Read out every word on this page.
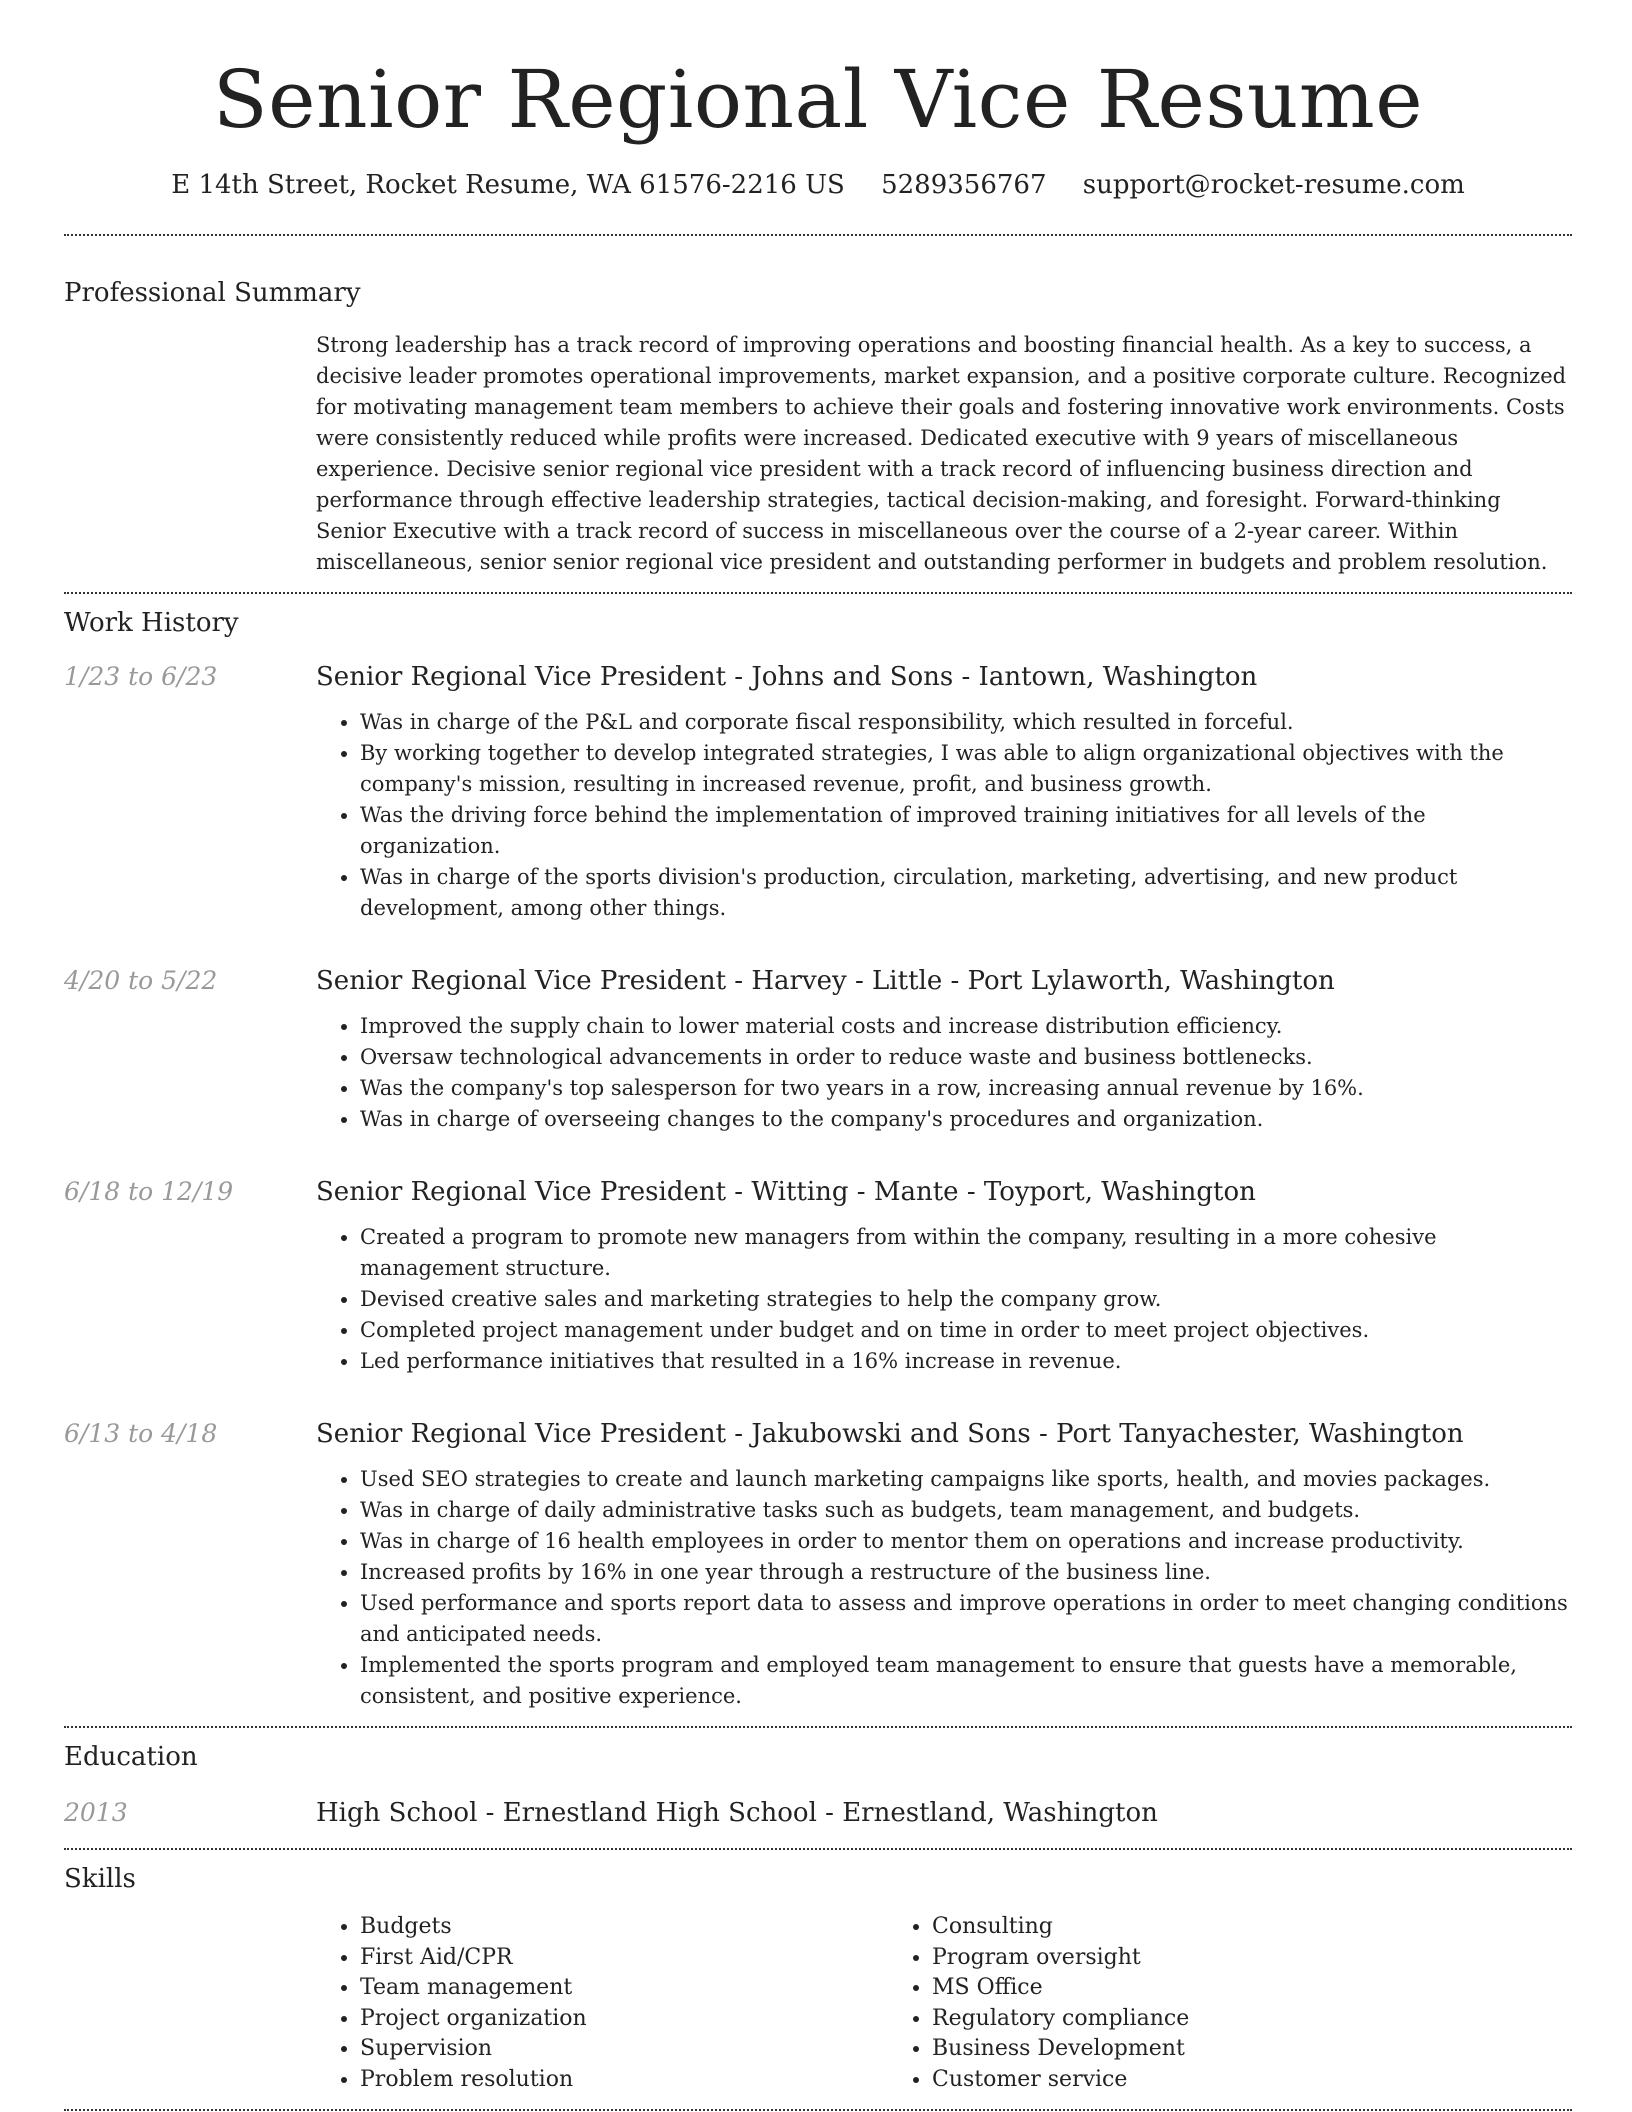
Senior Regional Vice Resume
E 14th Street, Rocket Resume, WA 61576-2216 US 5289356767 support@rocket-resume.com
Professional Summary
Strong leadership has a track record of improving operations and boosting financial health. As a key to success, a decisive leader promotes operational improvements, market expansion, and a positive corporate culture. Recognized for motivating management team members to achieve their goals and fostering innovative work environments. Costs were consistently reduced while profits were increased. Dedicated executive with 9 years of miscellaneous experience. Decisive senior regional vice president with a track record of influencing business direction and performance through effective leadership strategies, tactical decision-making, and foresight. Forward-thinking Senior Executive with a track record of success in miscellaneous over the course of a 2-year career. Within miscellaneous, senior senior regional vice president and outstanding performer in budgets and problem resolution.
Work History
1/23 to 6/23	Senior Regional Vice President - Johns and Sons - Iantown, Washington
• Was in charge of the P&L and corporate fiscal responsibility, which resulted in forceful.
• By working together to develop integrated strategies, I was able to align organizational objectives with the company's mission, resulting in increased revenue, profit, and business growth.
• Was the driving force behind the implementation of improved training initiatives for all levels of the organization.
• Was in charge of the sports division's production, circulation, marketing, advertising, and new product development, among other things.
4/20 to 5/22	Senior Regional Vice President - Harvey - Little - Port Lylaworth, Washington
• Improved the supply chain to lower material costs and increase distribution efficiency.
• Oversaw technological advancements in order to reduce waste and business bottlenecks.
• Was the company's top salesperson for two years in a row, increasing annual revenue by 16%.
• Was in charge of overseeing changes to the company's procedures and organization.
6/18 to 12/19	Senior Regional Vice President - Witting - Mante - Toyport, Washington
• Created a program to promote new managers from within the company, resulting in a more cohesive management structure.
• Devised creative sales and marketing strategies to help the company grow.
• Completed project management under budget and on time in order to meet project objectives.
• Led performance initiatives that resulted in a 16% increase in revenue.
6/13 to 4/18	Senior Regional Vice President - Jakubowski and Sons - Port Tanyachester, Washington
• Used SEO strategies to create and launch marketing campaigns like sports, health, and movies packages.
• Was in charge of daily administrative tasks such as budgets, team management, and budgets.
• Was in charge of 16 health employees in order to mentor them on operations and increase productivity.
• Increased profits by 16% in one year through a restructure of the business line.
• Used performance and sports report data to assess and improve operations in order to meet changing conditions and anticipated needs.
• Implemented the sports program and employed team management to ensure that guests have a memorable, consistent, and positive experience.
Education
2013	High School - Ernestland High School - Ernestland, Washington
Skills
• Budgets
• First Aid/CPR
• Team management
• Project organization
• Supervision
• Problem resolution
• Consulting
• Program oversight
• MS Office
• Regulatory compliance
• Business Development
• Customer service
